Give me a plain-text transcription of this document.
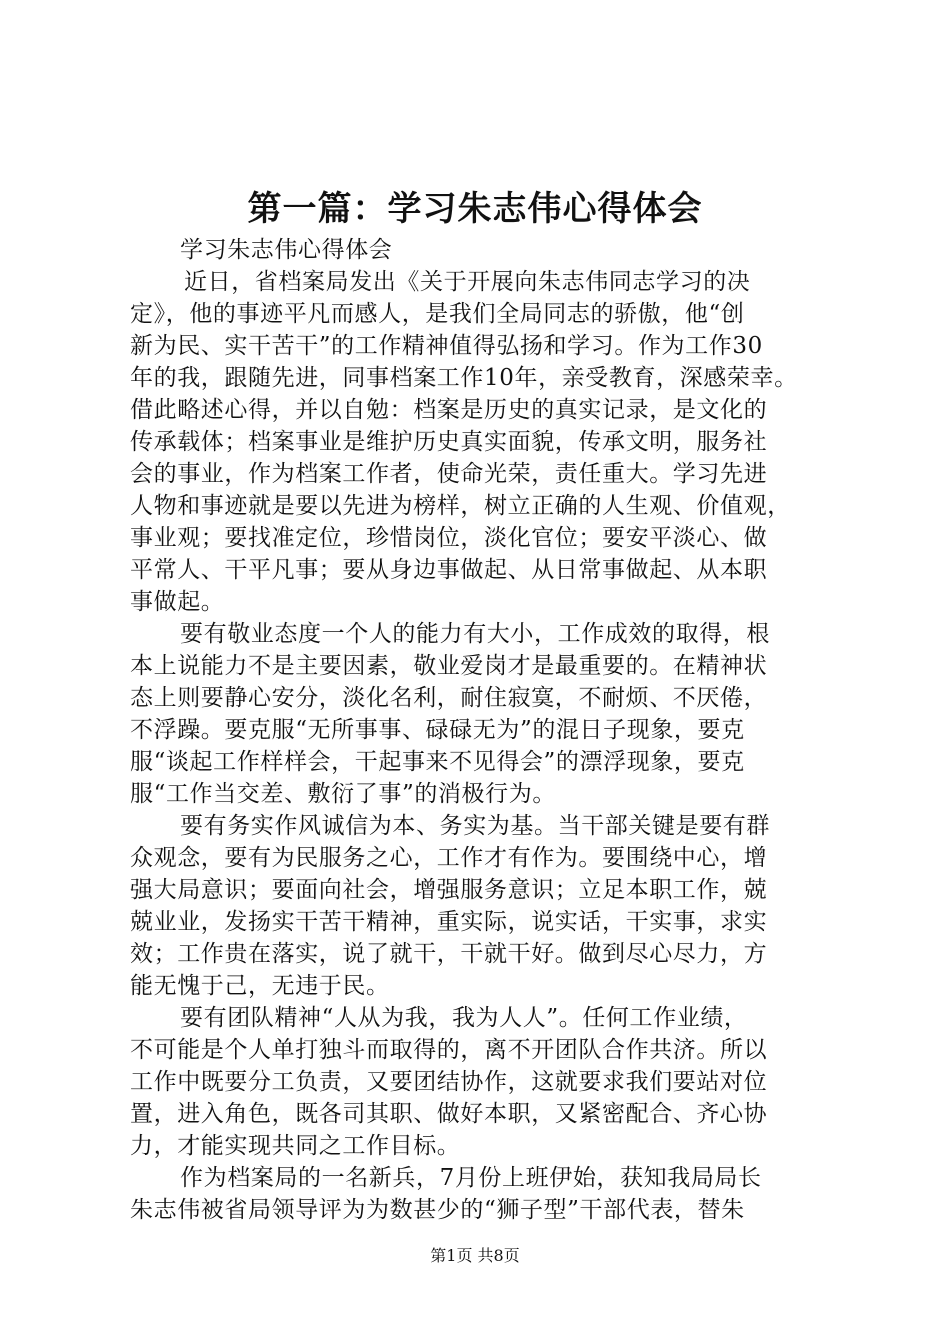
第一篇：学习朱志伟心得体会
学习朱志伟心得体会
近日，省档案局发出《关于开展向朱志伟同志学习的决
定》，他的事迹平凡而感人，是我们全局同志的骄傲，他“创
新为民、实干苦干”的工作精神值得弘扬和学习。作为工作30
年的我，跟随先进，同事档案工作10年，亲受教育，深感荣幸。
借此略述心得，并以自勉：档案是历史的真实记录，是文化的
传承载体；档案事业是维护历史真实面貌，传承文明，服务社
会的事业，作为档案工作者，使命光荣，责任重大。学习先进
人物和事迹就是要以先进为榜样，树立正确的人生观、价值观，
事业观；要找准定位，珍惜岗位，淡化官位；要安平淡心、做
平常人、干平凡事；要从身边事做起、从日常事做起、从本职
事做起。
要有敬业态度一个人的能力有大小，工作成效的取得，根
本上说能力不是主要因素，敬业爱岗才是最重要的。在精神状
态上则要静心安分，淡化名利，耐住寂寞，不耐烦、不厌倦，
不浮躁。要克服“无所事事、碌碌无为”的混日子现象，要克
服“谈起工作样样会，干起事来不见得会”的漂浮现象，要克
服“工作当交差、敷衍了事”的消极行为。
要有务实作风诚信为本、务实为基。当干部关键是要有群
众观念，要有为民服务之心，工作才有作为。要围绕中心，增
强大局意识；要面向社会，增强服务意识；立足本职工作，兢
兢业业，发扬实干苦干精神，重实际，说实话，干实事，求实
效；工作贵在落实，说了就干，干就干好。做到尽心尽力，方
能无愧于己，无违于民。
要有团队精神“人从为我，我为人人”。任何工作业绩，
不可能是个人单打独斗而取得的，离不开团队合作共济。所以
工作中既要分工负责，又要团结协作，这就要求我们要站对位
置，进入角色，既各司其职、做好本职，又紧密配合、齐心协
力，才能实现共同之工作目标。
作为档案局的一名新兵，7月份上班伊始，获知我局局长
朱志伟被省局领导评为为数甚少的“狮子型”干部代表，替朱
第1页 共8页
